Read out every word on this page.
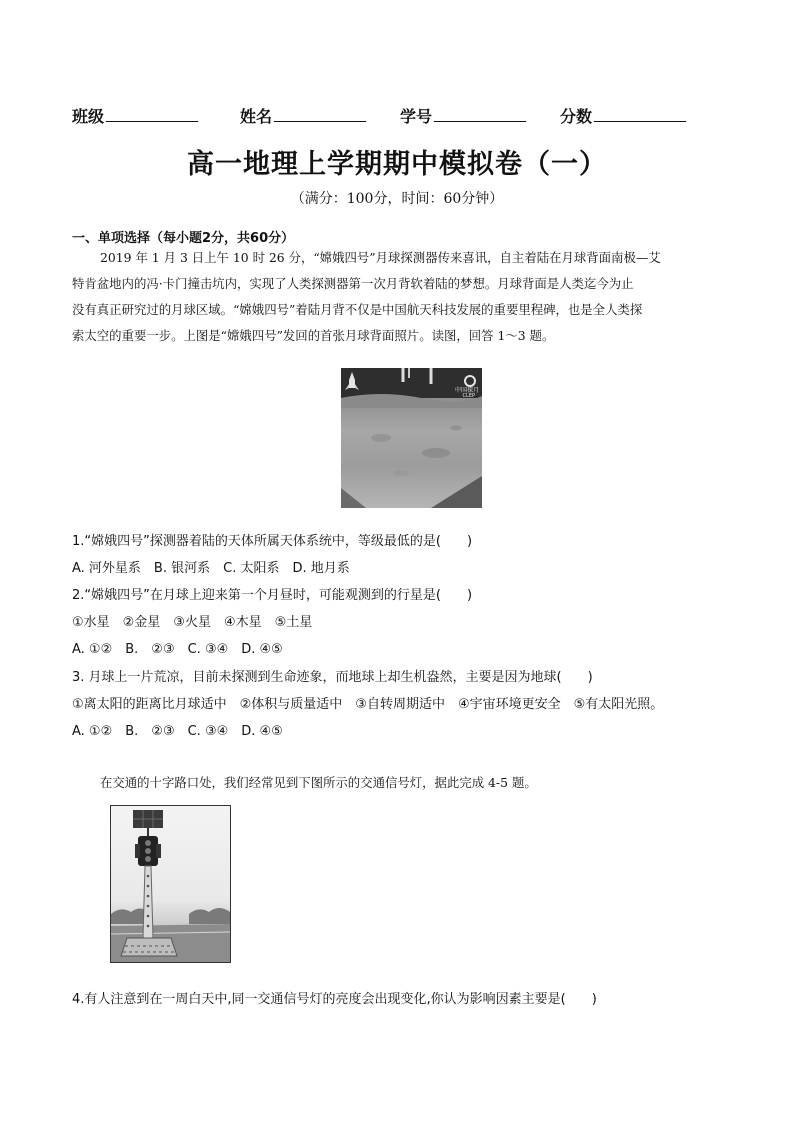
班级	姓名	学号	分数
高一地理上学期期中模拟卷（一）
（满分：100分，时间：60分钟）
一、单项选择（每小题2分，共60分）
2019 年 1 月 3 日上午 10 时 26 分，“嫦娥四号”月球探测器传来喜讯，自主着陆在月球背面南极—艾
特肯盆地内的冯·卡门撞击坑内，实现了人类探测器第一次月背软着陆的梦想。月球背面是人类迄今为止
没有真正研究过的月球区域。“嫦娥四号”着陆月背不仅是中国航天科技发展的重要里程碑，也是全人类探
索太空的重要一步。上图是“嫦娥四号”发回的首张月球背面照片。读图，回答 1～3 题。
中国探月
CLEP
1.“嫦娥四号”探测器着陆的天体所属天体系统中，等级最低的是(　　)
A. 河外星系　B. 银河系　C. 太阳系　D. 地月系
2.“嫦娥四号”在月球上迎来第一个月昼时，可能观测到的行星是(　　)
①水星　②金星　③火星　④木星　⑤土星
A. ①②　B.　②③　C. ③④　D. ④⑤
3. 月球上一片荒凉，目前未探测到生命迹象，而地球上却生机盎然，主要是因为地球(　　)
①离太阳的距离比月球适中　②体积与质量适中　③自转周期适中　④宇宙环境更安全　⑤有太阳光照。
A. ①②　B.　②③　C. ③④　D. ④⑤
在交通的十字路口处，我们经常见到下图所示的交通信号灯，据此完成 4-5 题。
4.有人注意到在一周白天中,同一交通信号灯的亮度会出现变化,你认为影响因素主要是(　　)
